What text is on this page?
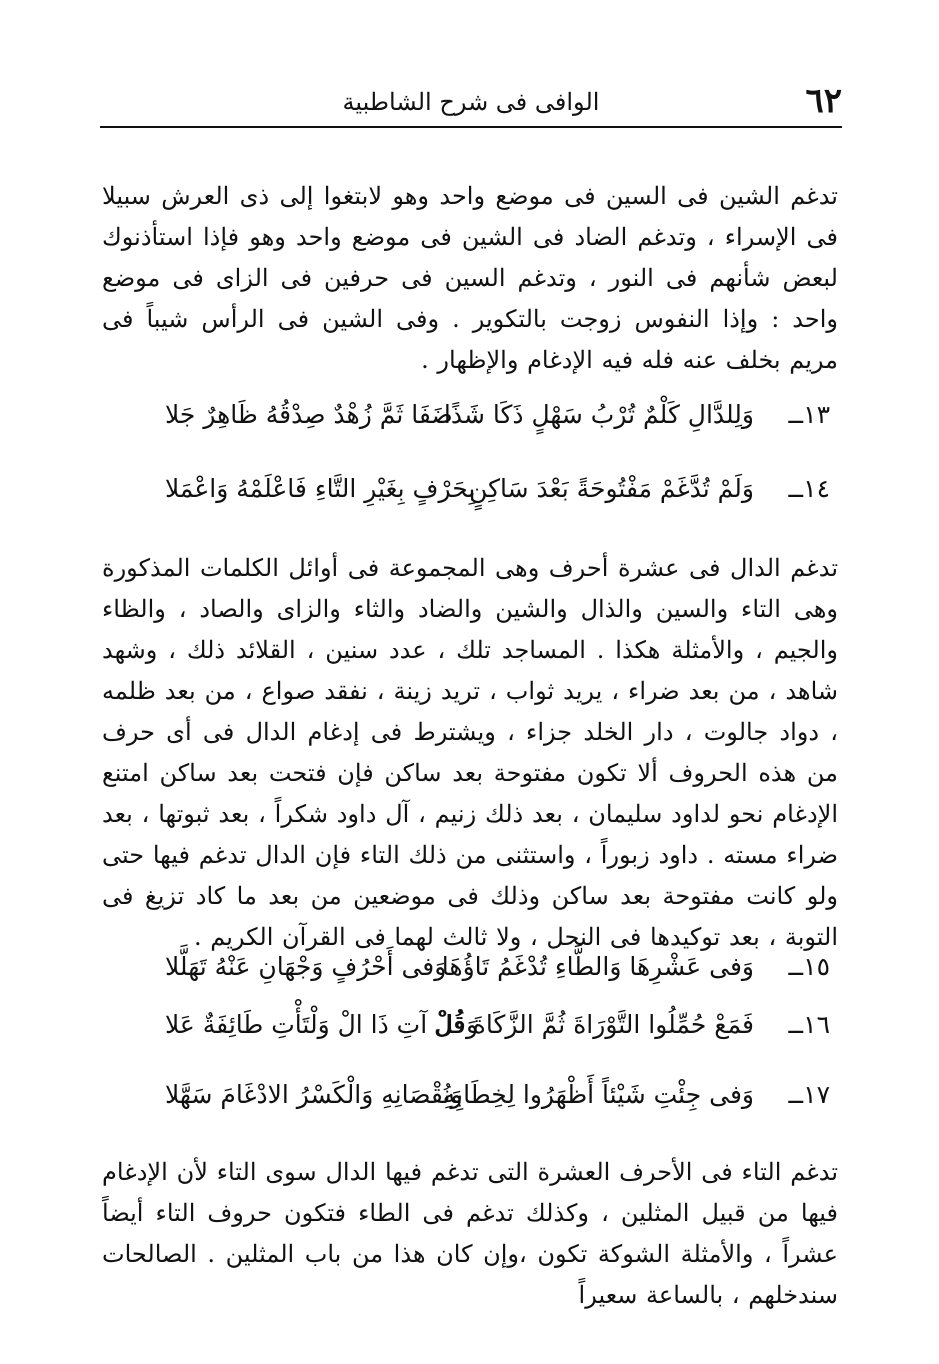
٦٢
الوافى فى شرح الشاطبية

تدغم الشين فى السين فى موضع واحد وهو لابتغوا إلى ذى العرش سبيلا فى الإسراء ، وتدغم الضاد فى الشين فى موضع واحد وهو فإذا استأذنوك لبعض شأنهم فى النور ، وتدغم السين فى حرفين فى الزاى فى موضع واحد : وإذا النفوس زوجت بالتكوير . وفى الشين فى الرأس شيباً فى مريم بخلف عنه فله فيه الإدغام والإظهار .

١٣ــ
وَلِلدَّالِ كَلْمٌ تُرْبُ سَهْلٍ ذَكَا شَذًا
ضَفَا ثَمَّ زُهْدٌ صِدْقُهُ ظَاهِرٌ جَلا
١٤ــ
وَلَمْ تُدَّغَمْ مَفْتُوحَةً بَعْدَ سَاكِنٍ
بِحَرْفٍ بِغَيْرِ التَّاءِ فَاعْلَمْهُ وَاعْمَلا

تدغم الدال فى عشرة أحرف وهى المجموعة فى أوائل الكلمات المذكورة وهى التاء والسين والذال والشين والضاد والثاء والزاى والصاد ، والظاء والجيم ، والأمثلة هكذا . المساجد تلك ، عدد سنين ، القلائد ذلك ، وشهد شاهد ، من بعد ضراء ، يريد ثواب ، تريد زينة ، نفقد صواع ، من بعد ظلمه ، دواد جالوت ، دار الخلد جزاء ، ويشترط فى إدغام الدال فى أى حرف من هذه الحروف ألا تكون مفتوحة بعد ساكن فإن فتحت بعد ساكن امتنع الإدغام نحو لداود سليمان ، بعد ذلك زنيم ، آل داود شكراً ، بعد ثبوتها ، بعد ضراء مسته . داود زبوراً ، واستثنى من ذلك التاء فإن الدال تدغم فيها حتى ولو كانت مفتوحة بعد ساكن وذلك فى موضعين من بعد ما كاد تزيغ فى التوبة ، بعد توكيدها فى النحل ، ولا ثالث لهما فى القرآن الكريم .

١٥ــ
وَفى عَشْرِهَا وَالطَّاءِ تُدْغَمُ تَاؤُهَا
وَفى أَحْرُفٍ وَجْهَانِ عَنْهُ تَهَلَّلا
١٦ــ
فَمَعْ حُمِّلُوا التَّوْرَاةَ ثُمَّ الزَّكَاةَ قُلْ
وَقُلْ آتِ ذَا الْ وَلْتَأْتِ طَائِفَةٌ عَلا
١٧ــ
وَفى جِئْتِ شَيْئاً أَظْهَرُوا لِخِطَابِهِ
وَنُقْصَانِهِ وَالْكَسْرُ الادْغَامَ سَهَّلا

تدغم التاء فى الأحرف العشرة التى تدغم فيها الدال سوى التاء لأن الإدغام فيها من قبيل المثلين ، وكذلك تدغم فى الطاء فتكون حروف التاء أيضاً عشراً ، والأمثلة الشوكة تكون ،وإن كان هذا من باب المثلين . الصالحات سندخلهم ، بالساعة سعيراً
